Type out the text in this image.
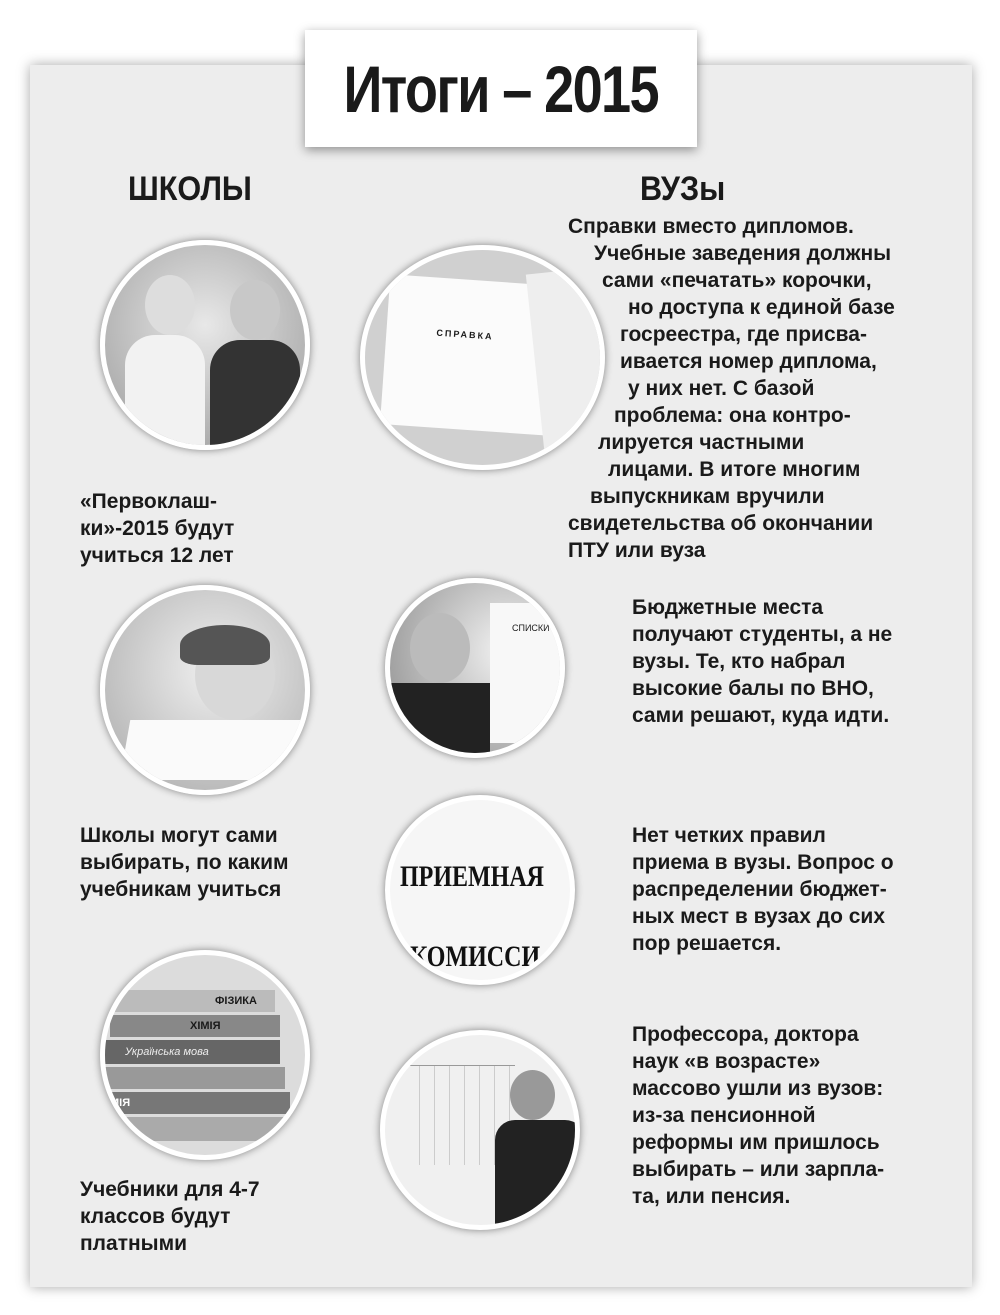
Итоги – 2015
ШКОЛЫ	ВУЗы
ФІЗИКА
ХІМІЯ
Українська мова
МІЯ
«Первоклаш-
ки»-2015 будут
учиться 12 лет
Школы могут сами
выбирать, по каким
учебникам учиться
Учебники для 4-7
классов будут
платными
СПРАВКА
СПИСКИ
ПРИЕМНАЯ
КОМИССИ
Справки вместо дипломов.
Учебные заведения должны
сами «печатать» корочки,
но доступа к единой базе
госреестра, где присва-
ивается номер диплома,
у них нет. С базой
проблема: она контро-
лируется частными
лицами. В итоге многим
выпускникам вручили
свидетельства об окончании
ПТУ или вуза
Бюджетные места
получают студенты, а не
вузы. Те, кто набрал
высокие балы по ВНО,
сами решают, куда идти.
Нет четких правил
приема в вузы. Вопрос о
распределении бюджет-
ных мест в вузах до сих
пор решается.
Профессора, доктора
наук «в возрасте»
массово ушли из вузов:
из-за пенсионной
реформы им пришлось
выбирать – или зарпла-
та, или пенсия.
